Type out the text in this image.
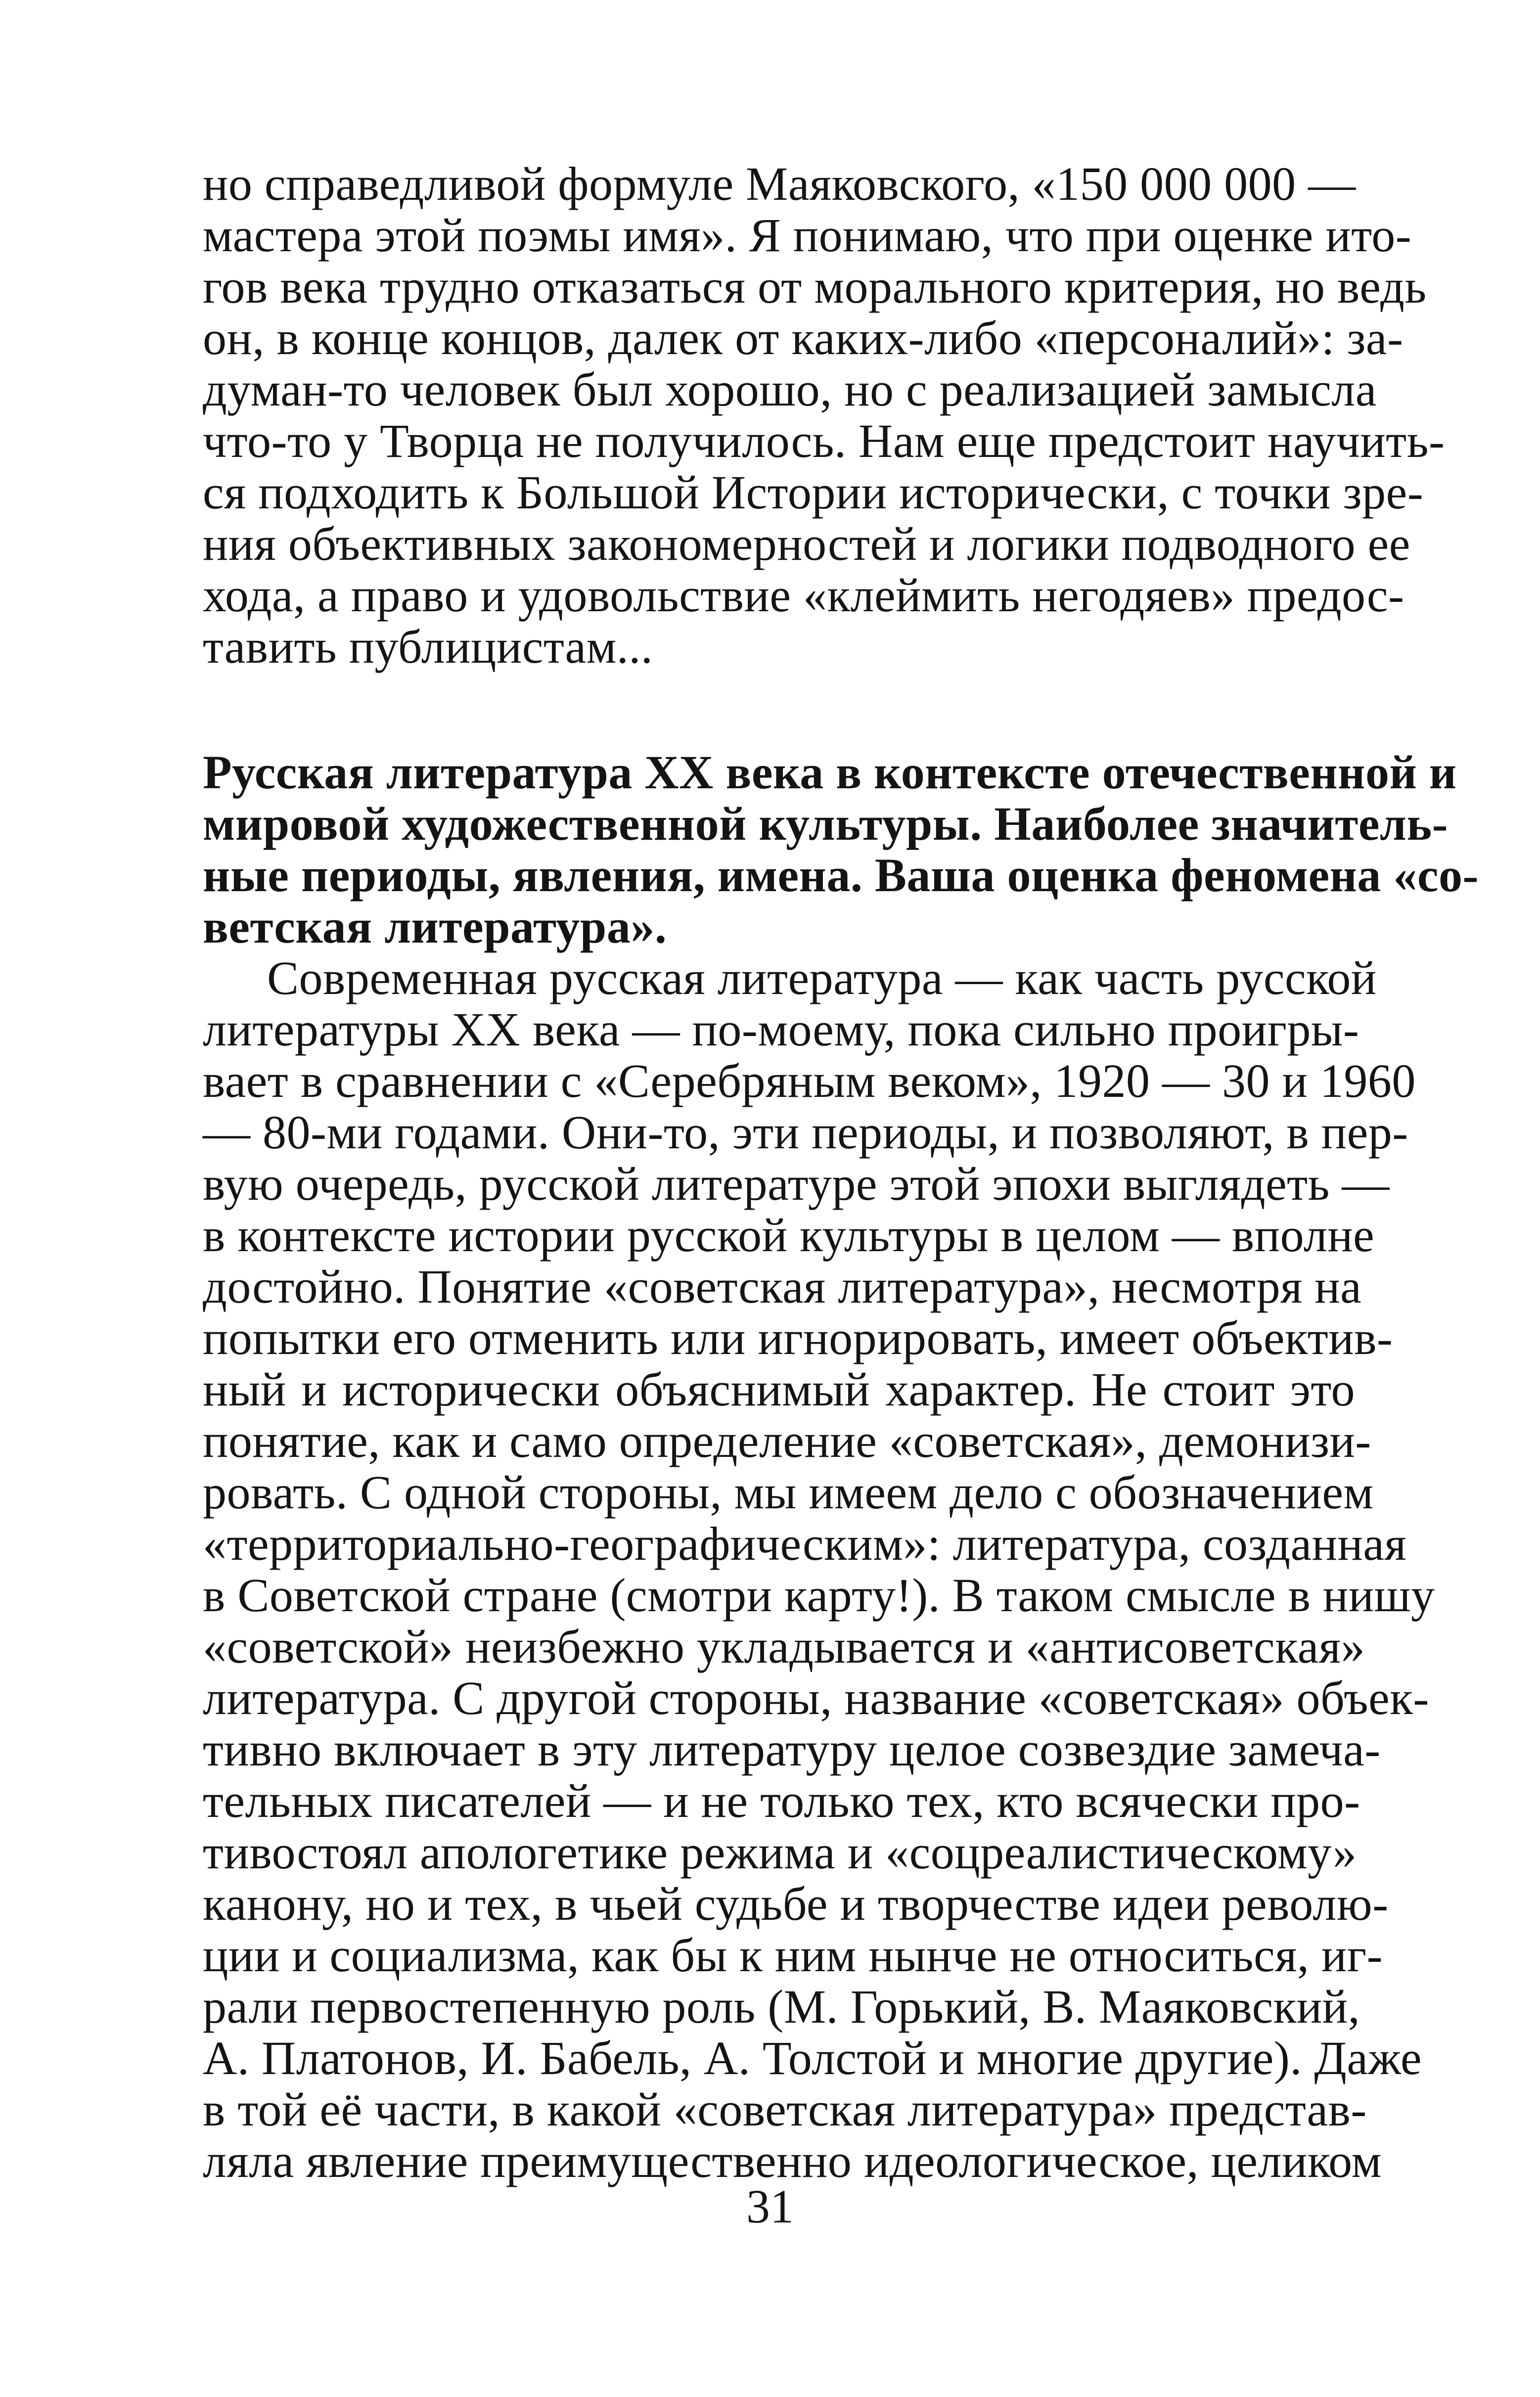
но справедливой формуле Маяковского, «150 000 000 —
мастера этой поэмы имя». Я понимаю, что при оценке ито-
гов века трудно отказаться от морального критерия, но ведь
он, в конце концов, далек от каких-либо «персоналий»: за-
думан-то человек был хорошо, но с реализацией замысла
что-то у Творца не получилось. Нам еще предстоит научить-
ся подходить к Большой Истории исторически, с точки зре-
ния объективных закономерностей и логики подводного ее
хода, а право и удовольствие «клеймить негодяев» предос-
тавить публицистам...
Русская литература XX века в контексте отечественной и
мировой художественной культуры. Наиболее значитель-
ные периоды, явления, имена. Ваша оценка феномена «со-
ветская литература».
Современная русская литература — как часть русской
литературы XX века — по-моему, пока сильно проигры-
вает в сравнении с «Серебряным веком», 1920 — 30 и 1960
— 80-ми годами. Они-то, эти периоды, и позволяют, в пер-
вую очередь, русской литературе этой эпохи выглядеть —
в контексте истории русской культуры в целом — вполне
достойно. Понятие «советская литература», несмотря на
попытки его отменить или игнорировать, имеет объектив-
ный и исторически объяснимый характер. Не стоит это
понятие, как и само определение «советская», демонизи-
ровать. С одной стороны, мы имеем дело с обозначением
«территориально-географическим»: литература, созданная
в Советской стране (смотри карту!). В таком смысле в нишу
«советской» неизбежно укладывается и «антисоветская»
литература. С другой стороны, название «советская» объек-
тивно включает в эту литературу целое созвездие замеча-
тельных писателей — и не только тех, кто всячески про-
тивостоял апологетике режима и «соцреалистическому»
канону, но и тех, в чьей судьбе и творчестве идеи револю-
ции и социализма, как бы к ним нынче не относиться, иг-
рали первостепенную роль (М. Горький, В. Маяковский,
А. Платонов, И. Бабель, А. Толстой и многие другие). Даже
в той её части, в какой «советская литература» представ-
ляла явление преимущественно идеологическое, целиком
31
